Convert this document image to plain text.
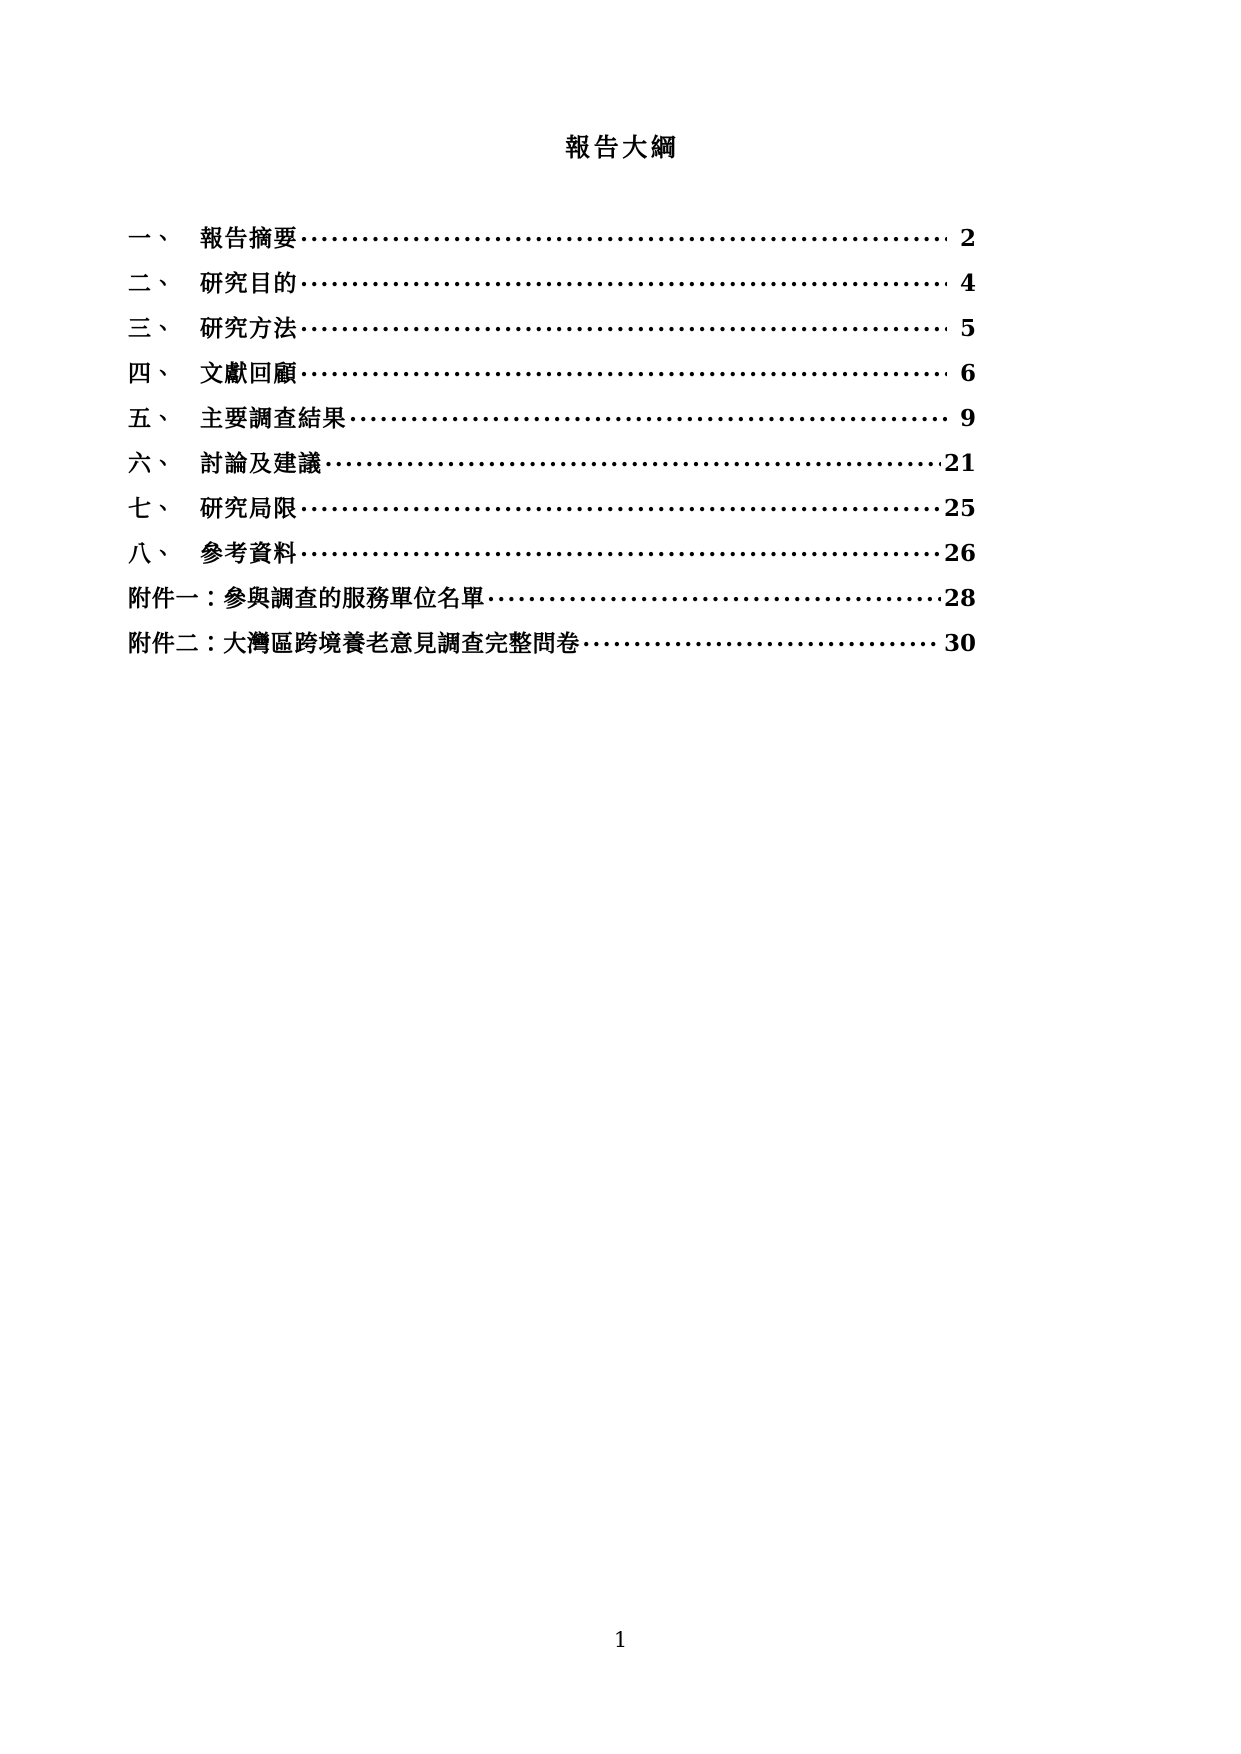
報告大綱
一、	報告摘要 .....	2
二、	研究目的 .....	4
三、	研究方法 .....	5
四、	文獻回顧 .....	6
五、	主要調查結果 .....	9
六、	討論及建議 .....	21
七、	研究局限 .....	25
八、	參考資料 .....	26
附件一：參與調查的服務單位名單 .....	28
附件二：大灣區跨境養老意見調查完整問卷 .....	30
1
